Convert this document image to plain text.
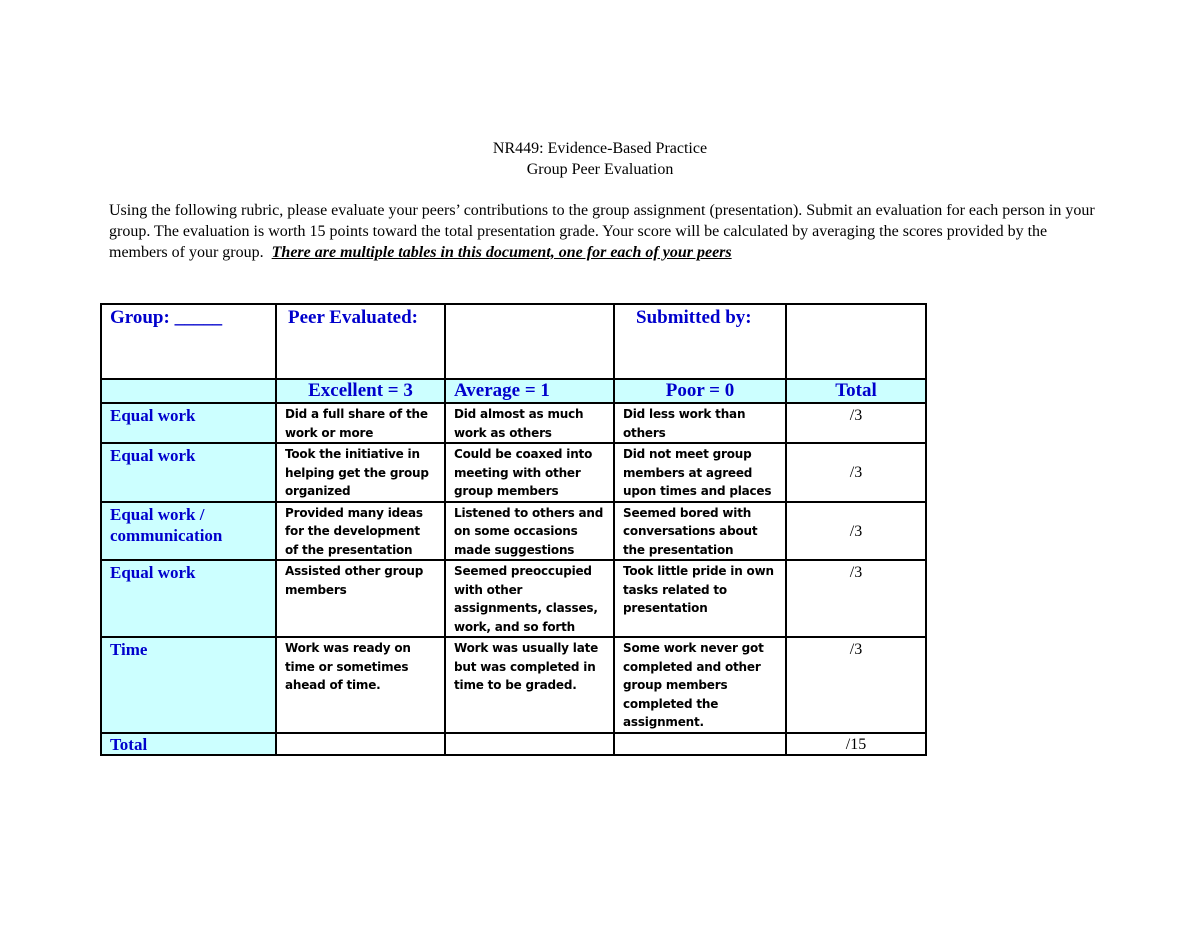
NR449: Evidence-Based Practice
Group Peer Evaluation
Using the following rubric, please evaluate your peers’ contributions to the group assignment (presentation). Submit an evaluation for each person in your group. The evaluation is worth 15 points toward the total presentation grade. Your score will be calculated by averaging the scores provided by the members of your group. There are multiple tables in this document, one for each of your peers
Group: _____	Peer Evaluated:		Submitted by:	
	Excellent = 3	Average = 1	Poor = 0	Total
Equal work	Did a full share of the work or more	Did almost as much work as others	Did less work than others	/3
Equal work	Took the initiative in helping get the group organized	Could be coaxed into meeting with other group members	Did not meet group members at agreed upon times and places	/3
Equal work / communication	Provided many ideas for the development of the presentation	Listened to others and on some occasions made suggestions	Seemed bored with conversations about the presentation	/3
Equal work	Assisted other group members	Seemed preoccupied with other assignments, classes, work, and so forth	Took little pride in own tasks related to presentation	/3
Time	Work was ready on time or sometimes ahead of time.	Work was usually late but was completed in time to be graded.	Some work never got completed and other group members completed the assignment.	/3
Total				/15
